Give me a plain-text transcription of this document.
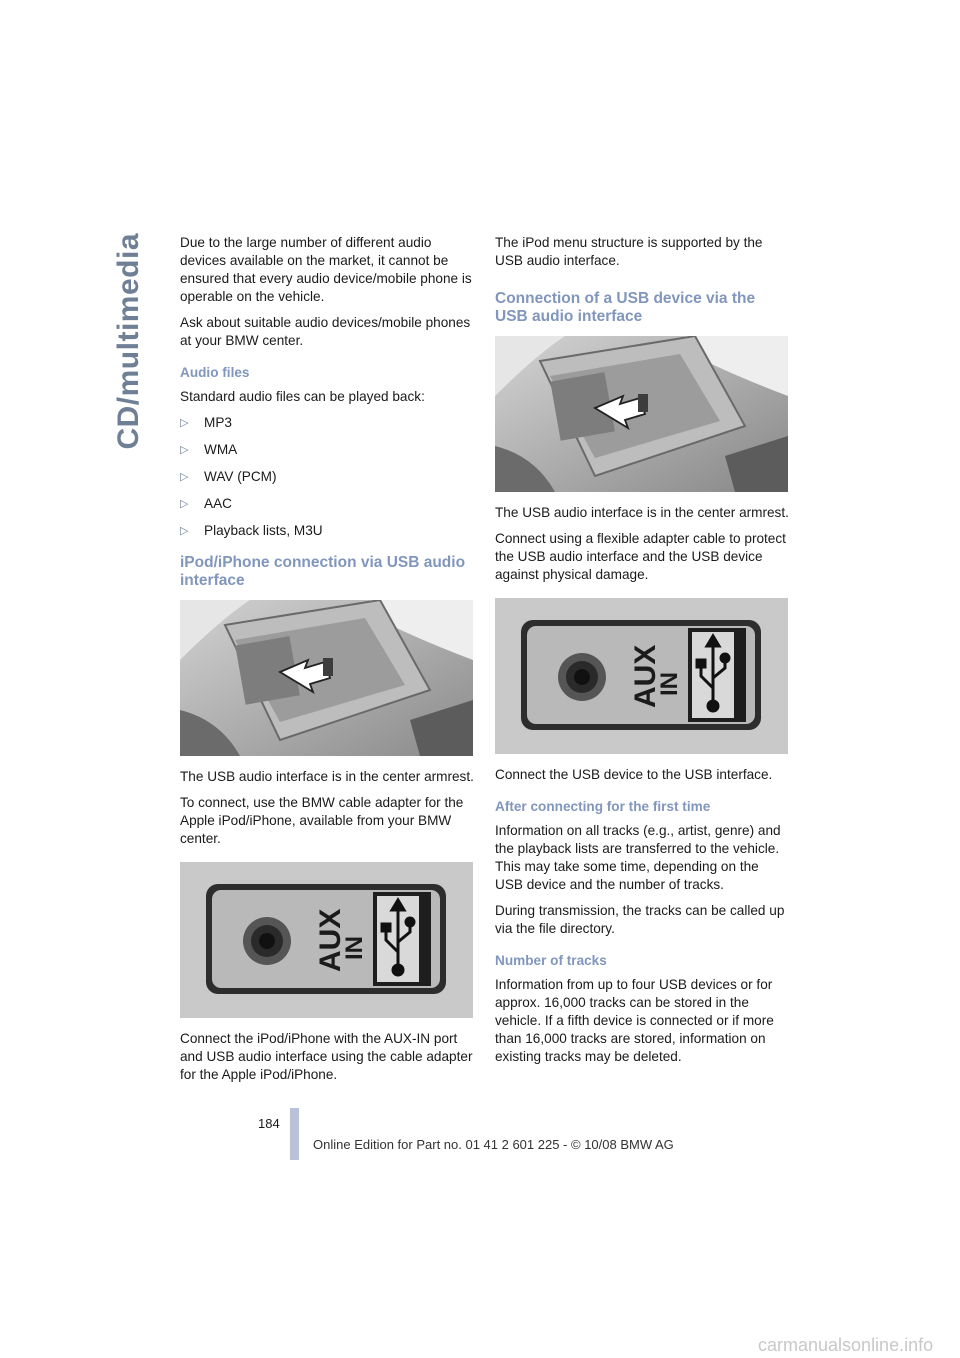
CD/multimedia	Due to the large number of different audio devices available on the market, it cannot be ensured that every audio device/mobile phone is operable on the vehicle.

Ask about suitable audio devices/mobile phones at your BMW center.

Audio files

Standard audio files can be played back:

▷ MP3
▷ WMA
▷ WAV (PCM)
▷ AAC
▷ Playback lists, M3U
iPod/iPhone connection via USB audio interface

The USB audio interface is in the center armrest.

To connect, use the BMW cable adapter for the Apple iPod/iPhone, available from your BMW center.

AUX
IN

Connect the iPod/iPhone with the AUX-IN port and USB audio interface using the cable adapter for the Apple iPod/iPhone.

The iPod menu structure is supported by the USB audio interface.

Connection of a USB device via the USB audio interface

The USB audio interface is in the center armrest.

Connect using a flexible adapter cable to protect the USB audio interface and the USB device against physical damage.

AUX
IN

Connect the USB device to the USB interface.

After connecting for the first time

Information on all tracks (e.g., artist, genre) and the playback lists are transferred to the vehicle. This may take some time, depending on the USB device and the number of tracks.

During transmission, the tracks can be called up via the file directory.

Number of tracks

Information from up to four USB devices or for approx. 16,000 tracks can be stored in the vehicle. If a fifth device is connected or if more than 16,000 tracks are stored, information on existing tracks may be deleted.

184
Online Edition for Part no. 01 41 2 601 225 - © 10/08 BMW AG
carmanualsonline.info
